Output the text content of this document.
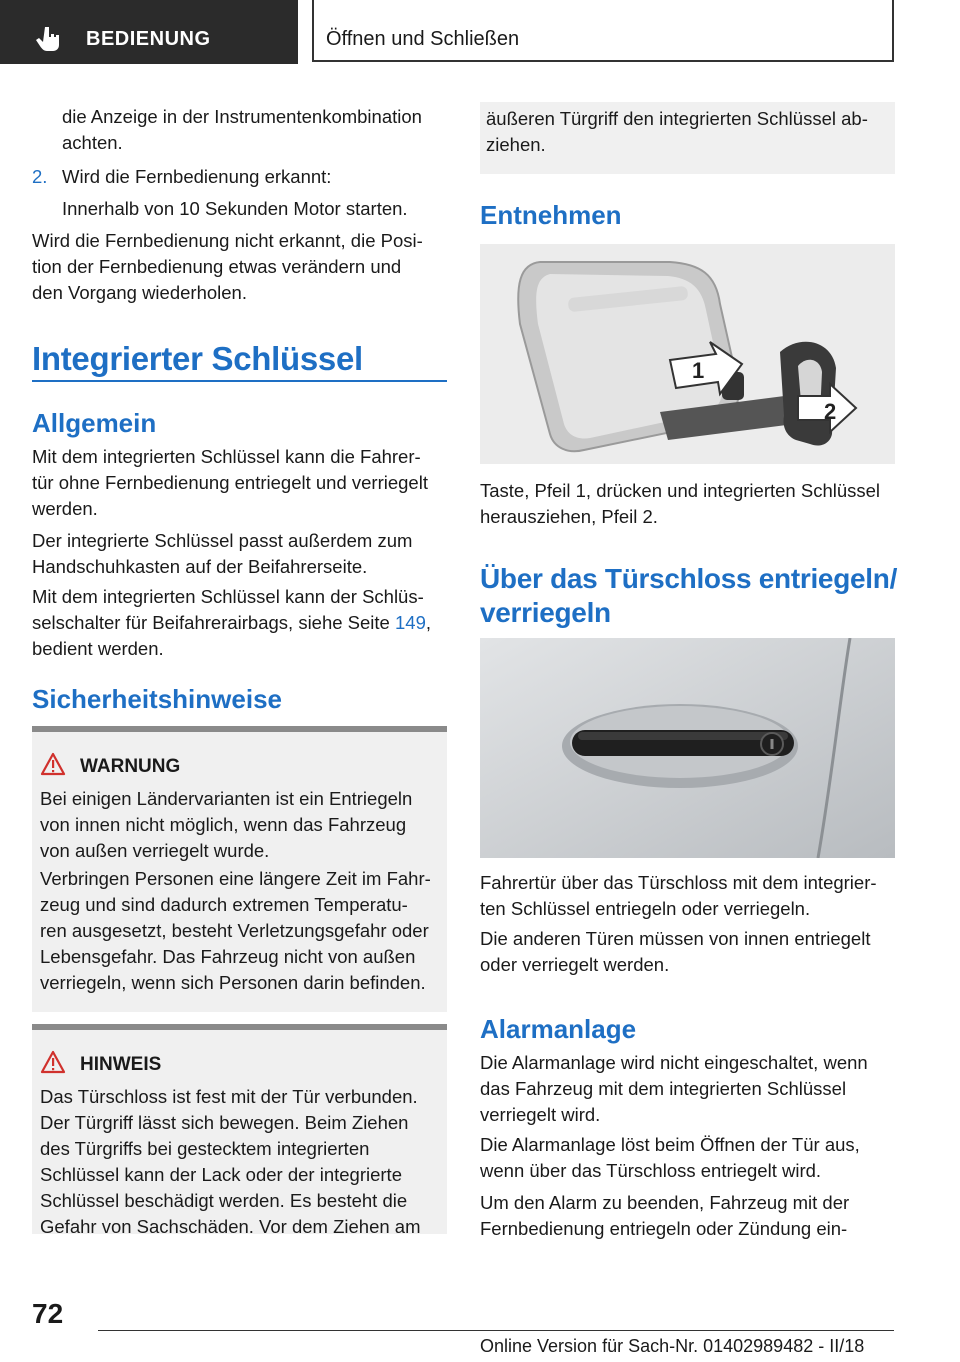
BEDIENUNG	Öffnen und Schließen
die Anzeige in der Instrumentenkombination
achten.
2. Wird die Fernbedienung erkannt:
Innerhalb von 10 Sekunden Motor starten.
Wird die Fernbedienung nicht erkannt, die Posi-
tion der Fernbedienung etwas verändern und
den Vorgang wiederholen.
Integrierter Schlüssel
Allgemein
Mit dem integrierten Schlüssel kann die Fahrer-
tür ohne Fernbedienung entriegelt und verriegelt
werden.
Der integrierte Schlüssel passt außerdem zum
Handschuhkasten auf der Beifahrerseite.
Mit dem integrierten Schlüssel kann der Schlüs-
selschalter für Beifahrerairbags, siehe Seite 149,
bedient werden.
Sicherheitshinweise
WARNUNG
Bei einigen Ländervarianten ist ein Entriegeln
von innen nicht möglich, wenn das Fahrzeug
von außen verriegelt wurde.
Verbringen Personen eine längere Zeit im Fahr-
zeug und sind dadurch extremen Temperatu-
ren ausgesetzt, besteht Verletzungsgefahr oder
Lebensgefahr. Das Fahrzeug nicht von außen
verriegeln, wenn sich Personen darin befinden.
HINWEIS
Das Türschloss ist fest mit der Tür verbunden.
Der Türgriff lässt sich bewegen. Beim Ziehen
des Türgriffs bei gestecktem integrierten
Schlüssel kann der Lack oder der integrierte
Schlüssel beschädigt werden. Es besteht die
Gefahr von Sachschäden. Vor dem Ziehen am
äußeren Türgriff den integrierten Schlüssel ab-
ziehen.
Entnehmen
1
2
Taste, Pfeil 1, drücken und integrierten Schlüssel
herausziehen, Pfeil 2.
Über das Türschloss entriegeln/
verriegeln
Fahrertür über das Türschloss mit dem integrier-
ten Schlüssel entriegeln oder verriegeln.
Die anderen Türen müssen von innen entriegelt
oder verriegelt werden.
Alarmanlage
Die Alarmanlage wird nicht eingeschaltet, wenn
das Fahrzeug mit dem integrierten Schlüssel
verriegelt wird.
Die Alarmanlage löst beim Öffnen der Tür aus,
wenn über das Türschloss entriegelt wird.
Um den Alarm zu beenden, Fahrzeug mit der
Fernbedienung entriegeln oder Zündung ein-
72
Online Version für Sach-Nr. 01402989482 - II/18
